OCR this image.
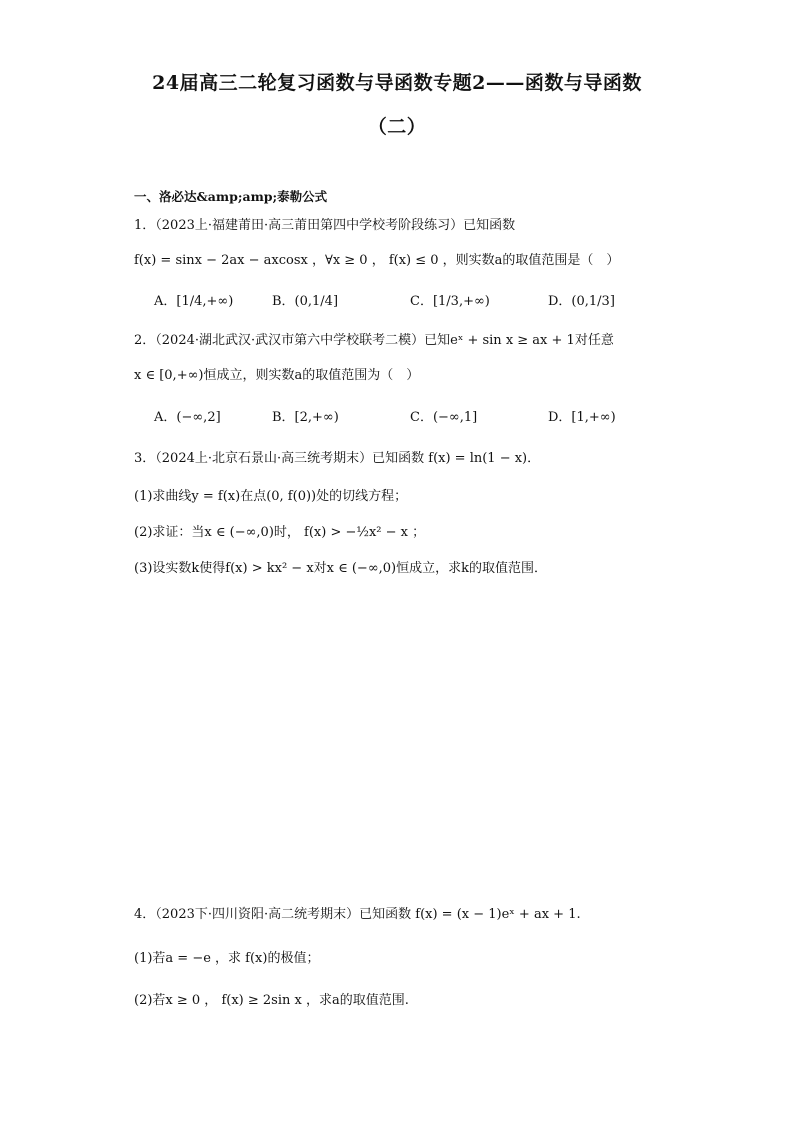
24届高三二轮复习函数与导函数专题2——函数与导函数
（二）
一、洛必达&amp;amp;泰勒公式
1．（2023上·福建莆田·高三莆田第四中学校考阶段练习）已知函数
f(x) = sinx − 2ax − axcosx ，∀x ≥ 0 ， f(x) ≤ 0 ，则实数a的取值范围是（　）
A．[1/4,+∞)	B．(0,1/4]	C．[1/3,+∞)	D．(0,1/3]
2．（2024·湖北武汉·武汉市第六中学校联考二模）已知eˣ + sin x ≥ ax + 1对任意
x ∈ [0,+∞)恒成立，则实数a的取值范围为（　）
A．(−∞,2]	B．[2,+∞)	C．(−∞,1]	D．[1,+∞)
3．（2024上·北京石景山·高三统考期末）已知函数 f(x) = ln(1 − x)．
(1)求曲线y = f(x)在点(0, f(0))处的切线方程；
(2)求证：当x ∈ (−∞,0)时， f(x) > −½x² − x ；
(3)设实数k使得f(x) > kx² − x对x ∈ (−∞,0)恒成立，求k的取值范围．
4．（2023下·四川资阳·高二统考期末）已知函数 f(x) = (x − 1)eˣ + ax + 1.
(1)若a = −e ，求 f(x)的极值；
(2)若x ≥ 0 ， f(x) ≥ 2sin x ，求a的取值范围.
